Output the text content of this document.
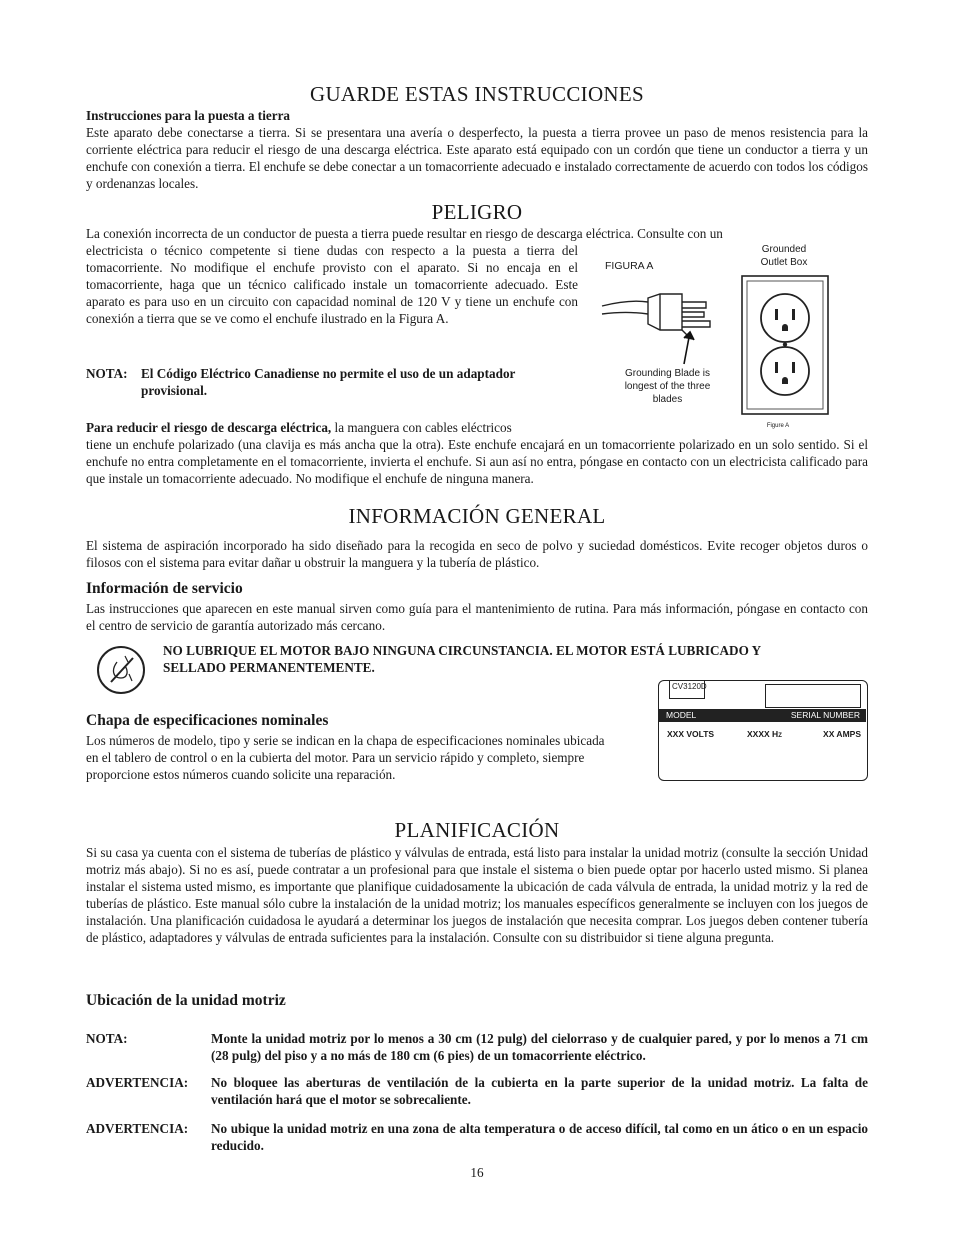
GUARDE ESTAS INSTRUCCIONES
Instrucciones para la puesta a tierra
Este aparato debe conectarse a tierra. Si se presentara una avería o desperfecto, la puesta a tierra provee un paso de menos resistencia para la corriente eléctrica para reducir el riesgo de una descarga eléctrica. Este aparato está equipado con un cordón que tiene un conductor a tierra y un enchufe con conexión a tierra. El enchufe se debe conectar a un tomacorriente adecuado e instalado correctamente de acuerdo con todos los códigos y ordenanzas locales.
PELIGRO
La conexión incorrecta de un conductor de puesta a tierra puede resultar en riesgo de descarga eléctrica. Consulte con un
electricista o técnico competente si tiene dudas con respecto a la puesta a tierra del tomacorriente. No modifique el enchufe provisto con el aparato. Si no encaja en el tomacorriente, haga que un técnico calificado instale un tomacorriente adecuado. Este aparato es para uso en un circuito con capacidad nominal de 120 V y tiene un enchufe con conexión a tierra que se ve como el enchufe ilustrado en la Figura A.
NOTA:	El Código Eléctrico Canadiense no permite el uso de un adaptador provisional.
Para reducir el riesgo de descarga eléctrica, la manguera con cables eléctricos
tiene un enchufe polarizado (una clavija es más ancha que la otra). Este enchufe encajará en un tomacorriente polarizado en un solo sentido. Si el enchufe no entra completamente en el tomacorriente, invierta el enchufe. Si aun así no entra, póngase en contacto con un electricista calificado para que instale un tomacorriente adecuado. No modifique el enchufe de ninguna manera.
FIGURA A
Grounded Outlet Box
Grounding Blade is longest of the three blades
Figure A
INFORMACIÓN GENERAL
El sistema de aspiración incorporado ha sido diseñado para la recogida en seco de polvo y suciedad domésticos. Evite recoger objetos duros o filosos con el sistema para evitar dañar u obstruir la manguera y la tubería de plástico.
Información de servicio
Las instrucciones que aparecen en este manual sirven como guía para el mantenimiento de rutina. Para más información, póngase en contacto con el centro de servicio de garantía autorizado más cercano.
NO LUBRIQUE EL MOTOR BAJO NINGUNA CIRCUNSTANCIA. EL MOTOR ESTÁ LUBRICADO Y SELLADO PERMANENTEMENTE.
Chapa de especificaciones nominales
Los números de modelo, tipo y serie se indican en la chapa de especificaciones nominales ubicada en el tablero de control o en la cubierta del motor. Para un servicio rápido y completo, siempre proporcione estos números cuando solicite una reparación.
CV3120D
MODEL	SERIAL NUMBER
XXX VOLTS	XXXX HZ	XX AMPS
PLANIFICACIÓN
Si su casa ya cuenta con el sistema de tuberías de plástico y válvulas de entrada, está listo para instalar la unidad motriz (consulte la sección Unidad motriz más abajo). Si no es así, puede contratar a un profesional para que instale el sistema o bien puede optar por hacerlo usted mismo. Si planea instalar el sistema usted mismo, es importante que planifique cuidadosamente la ubicación de cada válvula de entrada, la unidad motriz y la red de tuberías de plástico. Este manual sólo cubre la instalación de la unidad motriz; los manuales específicos generalmente se incluyen con los juegos de instalación. Una planificación cuidadosa le ayudará a determinar los juegos de instalación que necesita comprar. Los juegos deben contener tubería de plástico, adaptadores y válvulas de entrada suficientes para la instalación. Consulte con su distribuidor si tiene alguna pregunta.
Ubicación de la unidad motriz
NOTA:	Monte la unidad motriz por lo menos a 30 cm (12 pulg) del cielorraso y de cualquier pared, y por lo menos a 71 cm (28 pulg) del piso y a no más de 180 cm (6 pies) de un tomacorriente eléctrico.
ADVERTENCIA:	No bloquee las aberturas de ventilación de la cubierta en la parte superior de la unidad motriz. La falta de ventilación hará que el motor se sobrecaliente.
ADVERTENCIA:	No ubique la unidad motriz en una zona de alta temperatura o de acceso difícil, tal como en un ático o en un espacio reducido.
16
